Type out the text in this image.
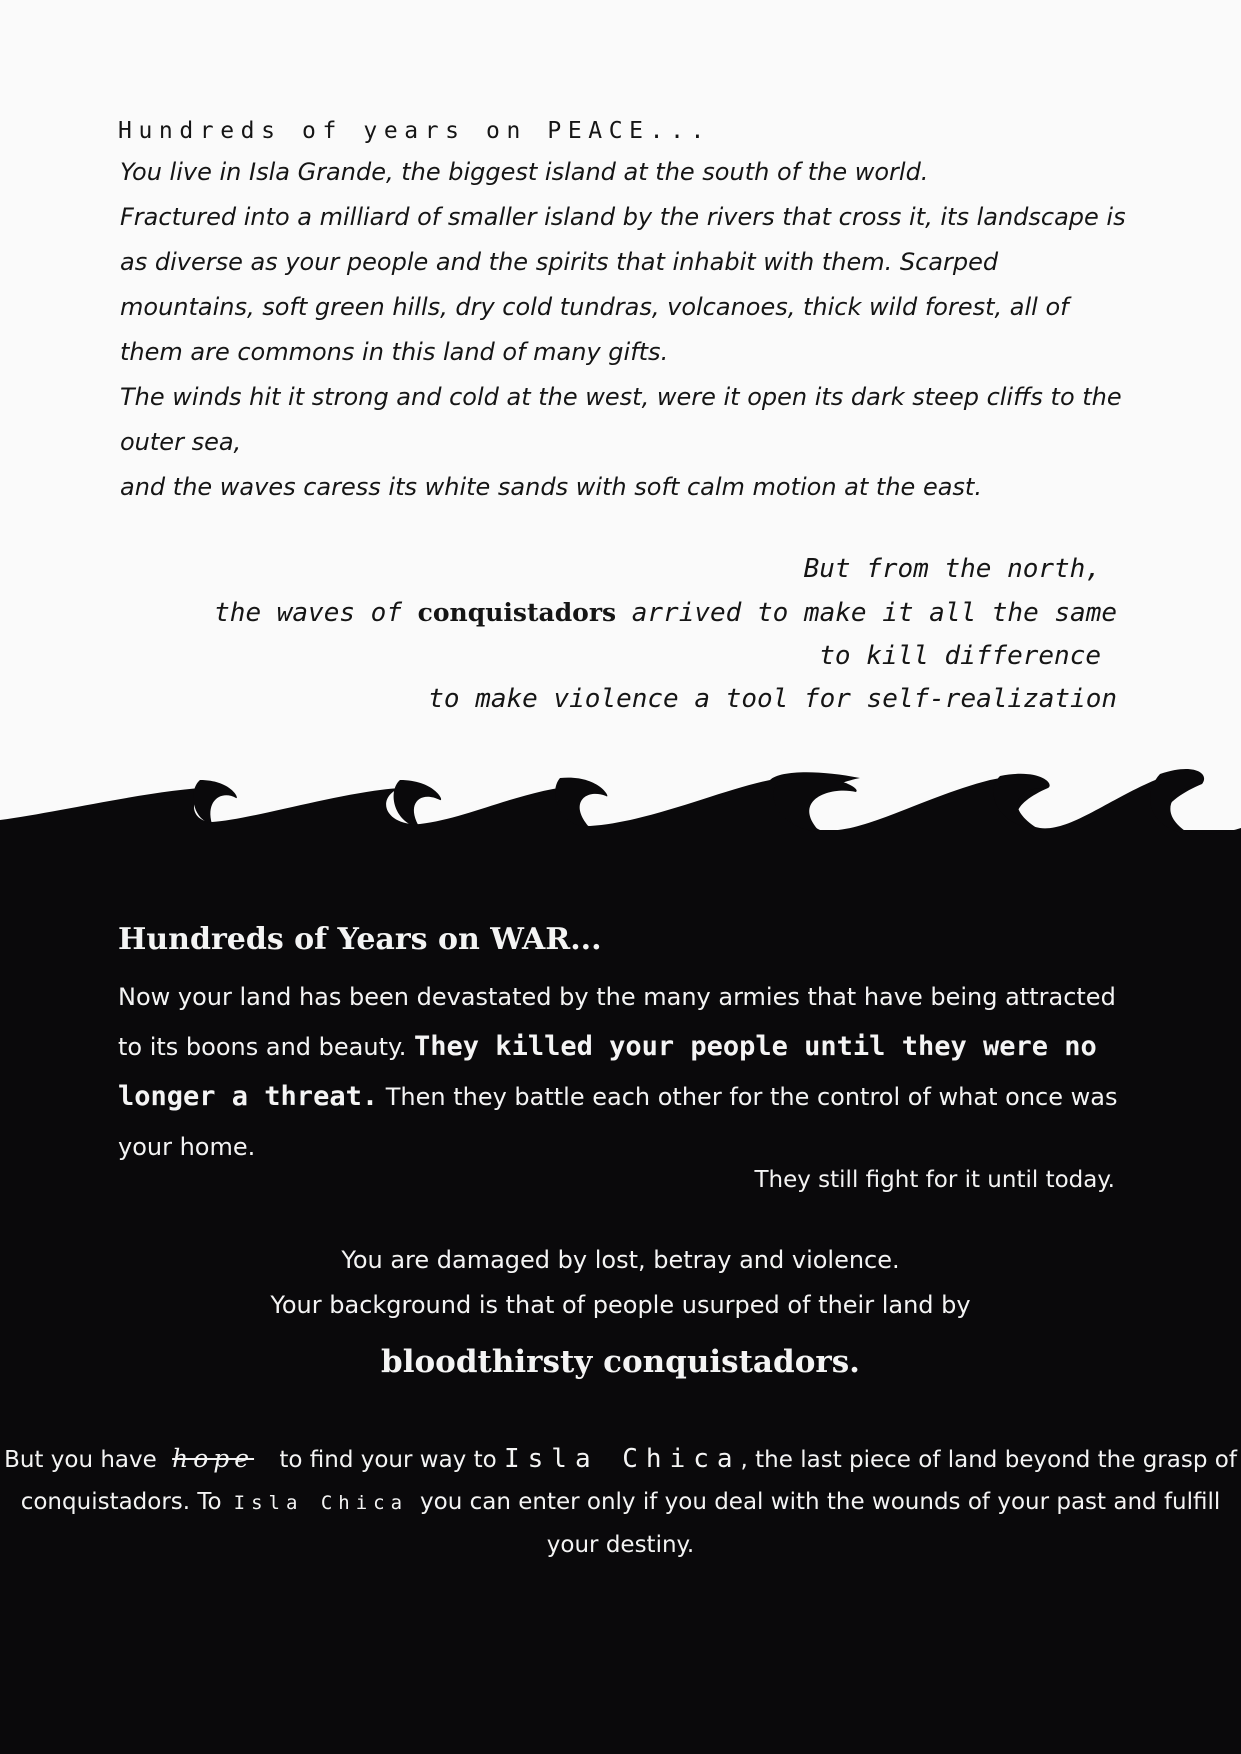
Hundreds of years on PEACE...

You live in Isla Grande, the biggest island at the south of the world.

Fractured into a milliard of smaller island by the rivers that cross it, its landscape is as diverse as your people and the spirits that inhabit with them. Scarped mountains, soft green hills, dry cold tundras, volcanoes, thick wild forest, all of them are commons in this land of many gifts.

The winds hit it strong and cold at the west, were it open its dark steep cliffs to the outer sea,

and the waves caress its white sands with soft calm motion at the east.

But from the north,
the waves of conquistadors arrived to make it all the same
to kill difference
to make violence a tool for self-realization
Hundreds of Years on WAR...
Now your land has been devastated by the many armies that have being attracted to its boons and beauty. They killed your people until they were no longer a threat. Then they battle each other for the control of what once was your home.
They still fight for it until today.
You are damaged by lost, betray and violence.
Your background is that of people usurped of their land by
bloodthirsty conquistadors.
But you have hope to find your way to Isla Chica, the last piece of land beyond the grasp of conquistadors. To Isla Chica you can enter only if you deal with the wounds of your past and fulfill your destiny.
